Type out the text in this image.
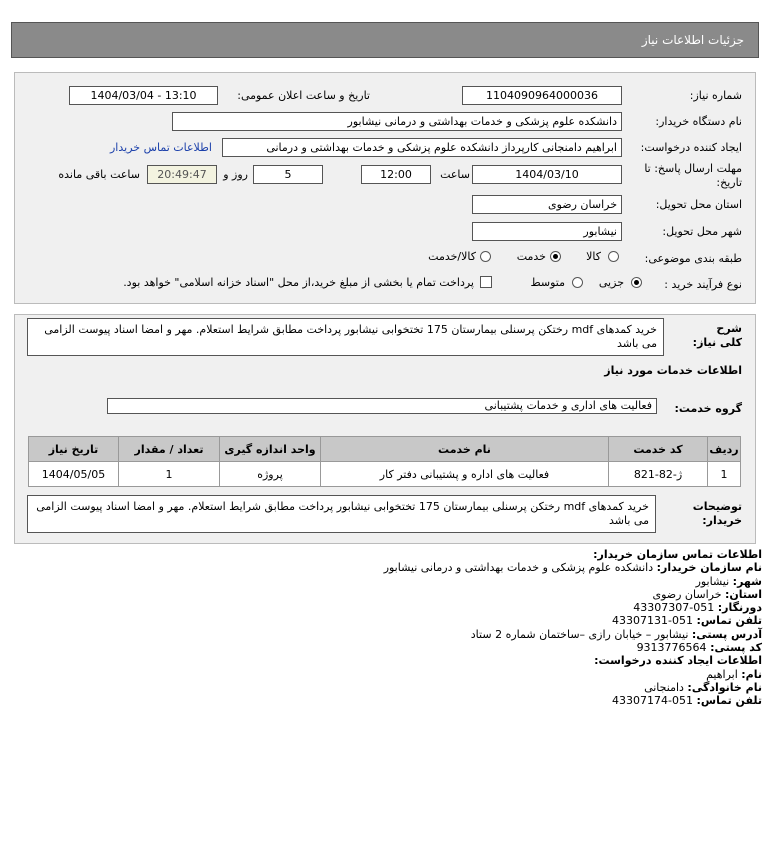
جزئیات اطلاعات نیاز
شماره نیاز:
1104090964000036
تاریخ و ساعت اعلان عمومی:
1404/03/04 - 13:10
نام دستگاه خریدار:
دانشکده علوم پزشکی و خدمات بهداشتی و درمانی نیشابور
ایجاد کننده درخواست:
ابراهیم دامنجانی کارپرداز دانشکده علوم پزشکی و خدمات بهداشتی و درمانی
اطلاعات تماس خریدار
مهلت ارسال پاسخ: تا تاریخ:
1404/03/10
ساعت
12:00
5
روز و
20:49:47
ساعت باقی مانده
استان محل تحویل:
خراسان رضوی
شهر محل تحویل:
نیشابور
طبقه بندی موضوعی:
کالا
خدمت
کالا/خدمت
نوع فرآیند خرید :
جزیی
متوسط
پرداخت تمام یا بخشی از مبلغ خرید،از محل "اسناد خزانه اسلامی" خواهد بود.
شرح کلی نیاز:
خرید کمدهای mdf رختکن پرسنلی بیمارستان 175 تختخوابی نیشابور پرداخت مطابق شرایط استعلام. مهر و امضا اسناد پیوست الزامی می باشد
اطلاعات خدمات مورد نیاز
گروه خدمت:
فعالیت های اداری و خدمات پشتیبانی
ردیف	کد خدمت	نام خدمت	واحد اندازه گیری	تعداد / مقدار	تاریخ نیاز
1	ژ-82-821	فعالیت های اداره و پشتیبانی دفتر کار	پروژه	1	1404/05/05
توضیحات خریدار:
خرید کمدهای mdf رختکن پرسنلی بیمارستان 175 تختخوابی نیشابور پرداخت مطابق شرایط استعلام. مهر و امضا اسناد پیوست الزامی می باشد
اطلاعات تماس سازمان خریدار:
نام سازمان خریدار: دانشکده علوم پزشکی و خدمات بهداشتی و درمانی نیشابور
شهر: نیشابور
استان: خراسان رضوی
دورنگار: 051-43307307
تلفن تماس: 051-43307131
آدرس پستی: نیشابور – خیابان رازی –ساختمان شماره 2 ستاد
کد پستی: 9313776564
اطلاعات ایجاد کننده درخواست:
نام: ابراهیم
نام خانوادگی: دامنجانی
تلفن تماس: 051-43307174
